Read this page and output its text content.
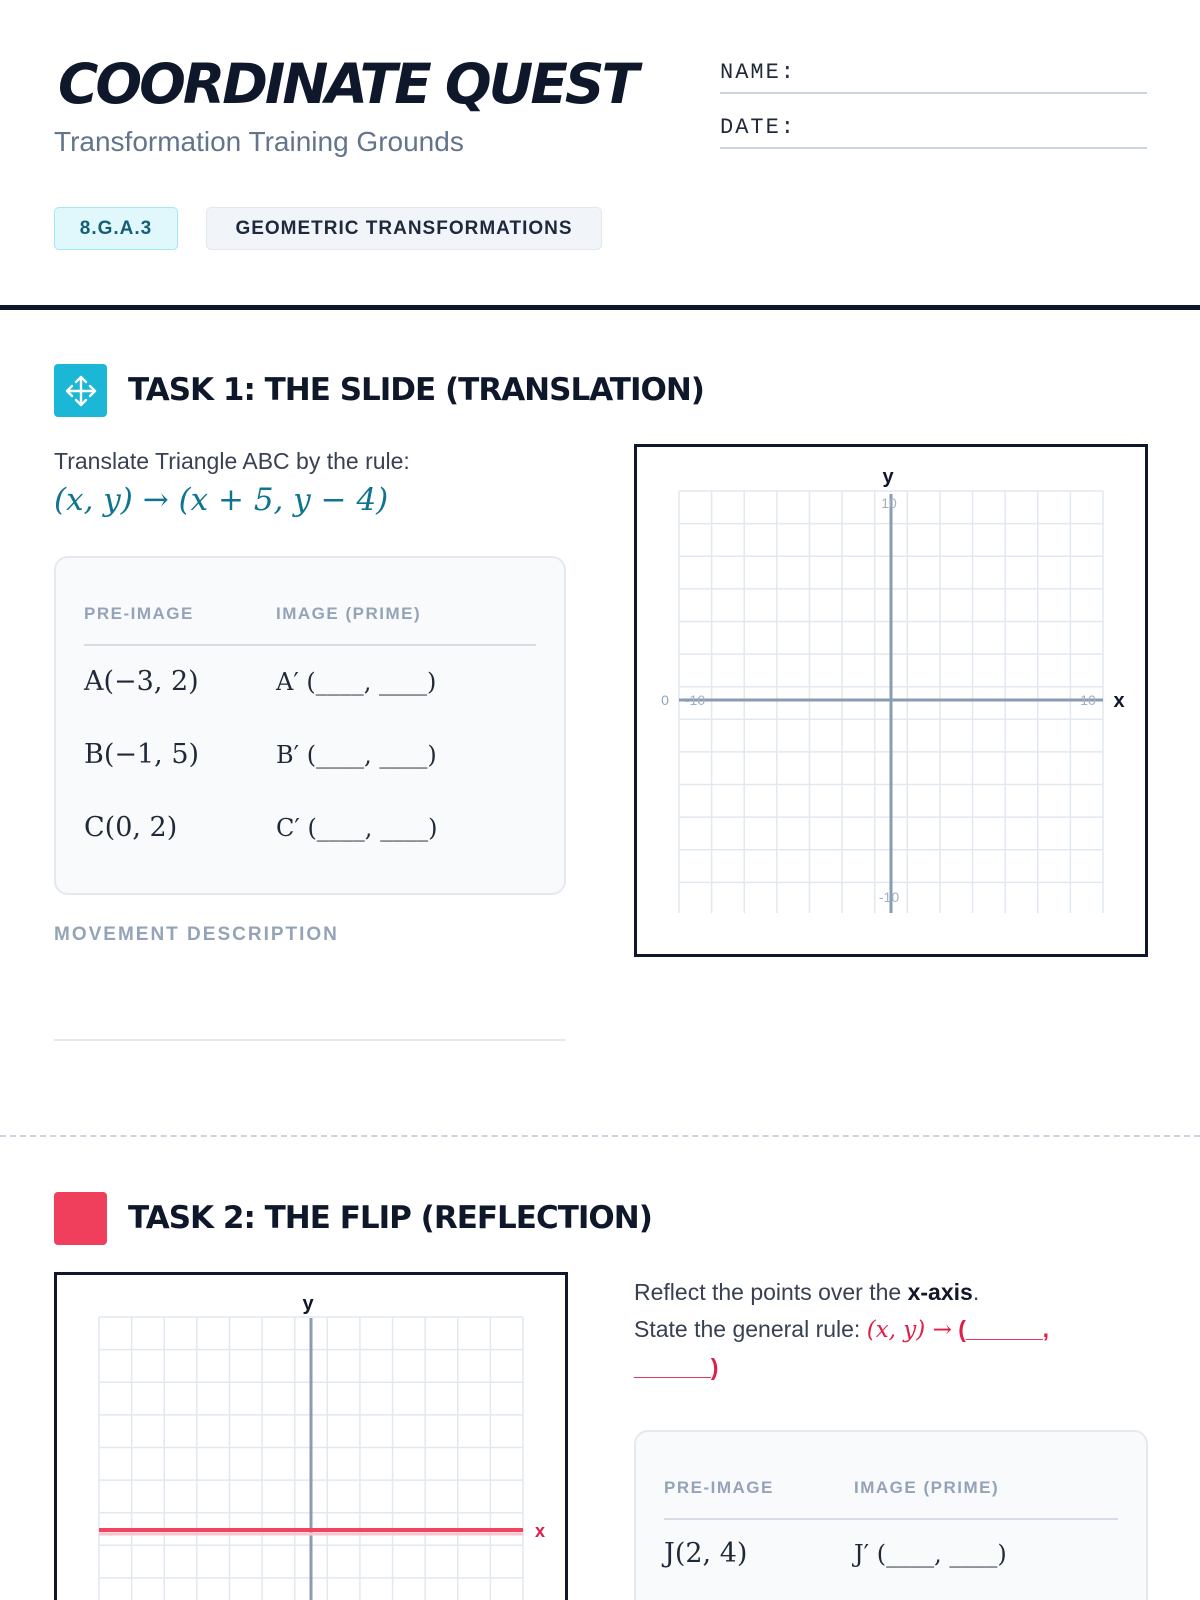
COORDINATE QUEST
Transformation Training Grounds
NAME:
DATE:
8.G.A.3	GEOMETRIC TRANSFORMATIONS
TASK 1: THE SLIDE (TRANSLATION)
Translate Triangle ABC by the rule:
(x, y) → (x + 5, y − 4)
PRE-IMAGE	IMAGE (PRIME)
A(−3, 2)	A′ (____, ____)
B(−1, 5)	B′ (____, ____)
C(0, 2)	C′ (____, ____)
MOVEMENT DESCRIPTION
y
x
10
-10
-10	10
0
TASK 2: THE FLIP (REFLECTION)
y
x
Reflect the points over the x-axis.
State the general rule: (x, y) → (______,
______)
PRE-IMAGE	IMAGE (PRIME)
J(2, 4)	J′ (____, ____)
